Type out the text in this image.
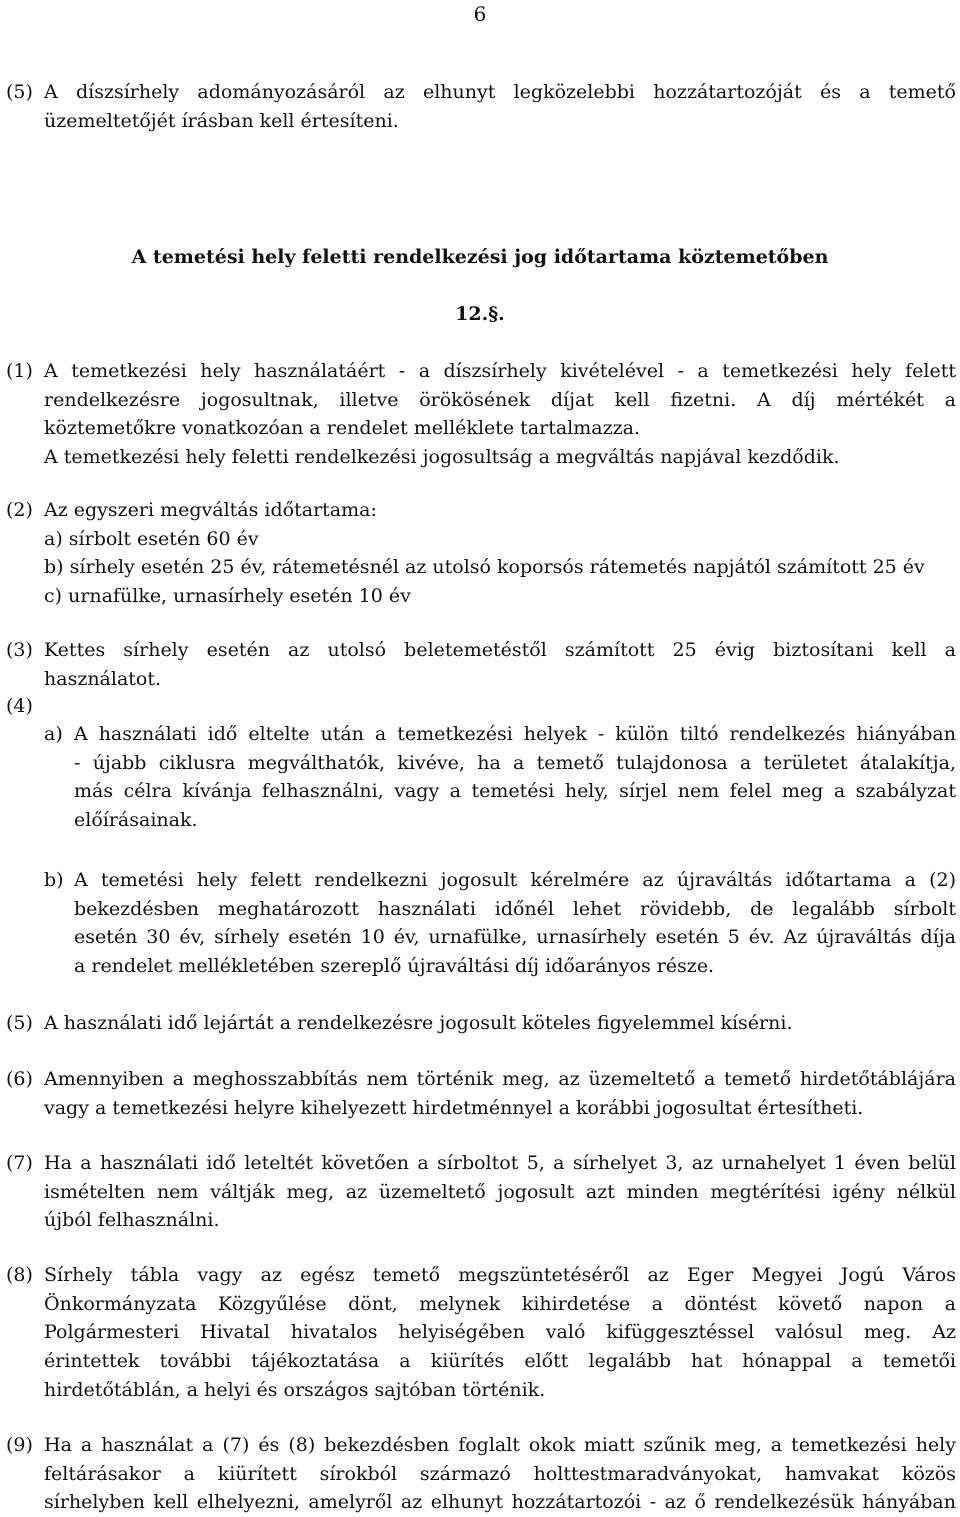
6
(5) A díszsírhely adományozásáról az elhunyt legközelebbi hozzátartozóját és a temető
üzemeltetőjét írásban kell értesíteni.
A temetési hely feletti rendelkezési jog időtartama köztemetőben
12.§.
(1) A temetkezési hely használatáért - a díszsírhely kivételével - a temetkezési hely felett
rendelkezésre jogosultnak, illetve örökösének díjat kell fizetni. A díj mértékét a
köztemetőkre vonatkozóan a rendelet melléklete tartalmazza.
A temetkezési hely feletti rendelkezési jogosultság a megváltás napjával kezdődik.
(2) Az egyszeri megváltás időtartama:
a) sírbolt esetén 60 év
b) sírhely esetén 25 év, rátemetésnél az utolsó koporsós rátemetés napjától számított 25 év
c) urnafülke, urnasírhely esetén 10 év
(3) Kettes sírhely esetén az utolsó beletemetéstől számított 25 évig biztosítani kell a
használatot.
(4)
a) A használati idő eltelte után a temetkezési helyek - külön tiltó rendelkezés hiányában
- újabb ciklusra megválthatók, kivéve, ha a temető tulajdonosa a területet átalakítja,
más célra kívánja felhasználni, vagy a temetési hely, sírjel nem felel meg a szabályzat
előírásainak.
b) A temetési hely felett rendelkezni jogosult kérelmére az újraváltás időtartama a (2)
bekezdésben meghatározott használati időnél lehet rövidebb, de legalább sírbolt
esetén 30 év, sírhely esetén 10 év, urnafülke, urnasírhely esetén 5 év. Az újraváltás díja
a rendelet mellékletében szereplő újraváltási díj időarányos része.
(5) A használati idő lejártát a rendelkezésre jogosult köteles figyelemmel kísérni.
(6) Amennyiben a meghosszabbítás nem történik meg, az üzemeltető a temető hirdetőtáblájára
vagy a temetkezési helyre kihelyezett hirdetménnyel a korábbi jogosultat értesítheti.
(7) Ha a használati idő leteltét követően a sírboltot 5, a sírhelyet 3, az urnahelyet 1 éven belül
ismételten nem váltják meg, az üzemeltető jogosult azt minden megtérítési igény nélkül
újból felhasználni.
(8) Sírhely tábla vagy az egész temető megszüntetéséről az Eger Megyei Jogú Város
Önkormányzata Közgyűlése dönt, melynek kihirdetése a döntést követő napon a
Polgármesteri Hivatal hivatalos helyiségében való kifüggesztéssel valósul meg. Az
érintettek további tájékoztatása a kiürítés előtt legalább hat hónappal a temetői
hirdetőtáblán, a helyi és országos sajtóban történik.
(9) Ha a használat a (7) és (8) bekezdésben foglalt okok miatt szűnik meg, a temetkezési hely
feltárásakor a kiürített sírokból származó holttestmaradványokat, hamvakat közös
sírhelyben kell elhelyezni, amelyről az elhunyt hozzátartozói - az ő rendelkezésük hányában
